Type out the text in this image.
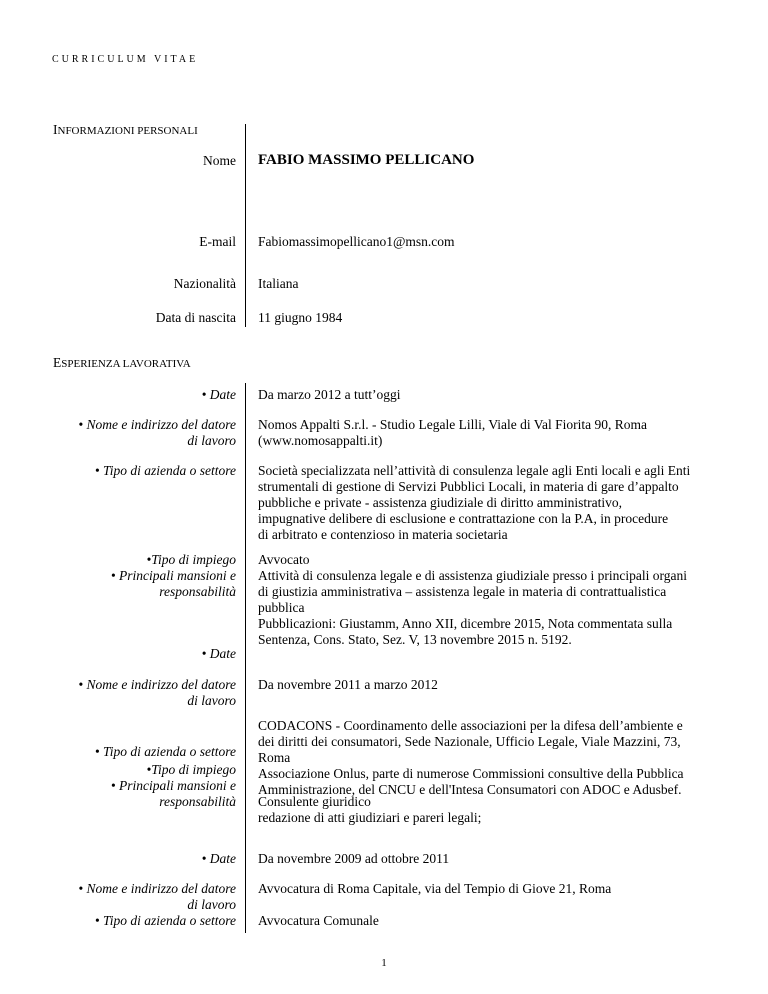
CURRICULUM VITAE
INFORMAZIONI PERSONALI
Nome FABIO MASSIMO PELLICANO
E-mail Fabiomassimopellicano1@msn.com
Nazionalità Italiana
Data di nascita 11 giugno 1984
ESPERIENZA LAVORATIVA
• Date Da marzo 2012 a tutt’oggi
• Nome e indirizzo del datore
di lavoro
Nomos Appalti S.r.l. - Studio Legale Lilli, Viale di Val Fiorita 90, Roma
(www.nomosappalti.it)
• Tipo di azienda o settore Società specializzata nell’attività di consulenza legale agli Enti locali e agli Enti
strumentali di gestione di Servizi Pubblici Locali, in materia di gare d’appalto
pubbliche e private - assistenza giudiziale di diritto amministrativo,
impugnative delibere di esclusione e contrattazione con la P.A, in procedure
di arbitrato e contenzioso in materia societaria
•Tipo di impiego
• Principali mansioni e
responsabilità
Avvocato
Attività di consulenza legale e di assistenza giudiziale presso i principali organi
di giustizia amministrativa – assistenza legale in materia di contrattualistica
pubblica
Pubblicazioni: Giustamm, Anno XII, dicembre 2015, Nota commentata sulla
Sentenza, Cons. Stato, Sez. V, 13 novembre 2015 n. 5192.
• Date
• Nome e indirizzo del datore
di lavoro
Da novembre 2011 a marzo 2012
• Tipo di azienda o settore
CODACONS - Coordinamento delle associazioni per la difesa dell’ambiente e
dei diritti dei consumatori, Sede Nazionale, Ufficio Legale, Viale Mazzini, 73,
Roma
Associazione Onlus, parte di numerose Commissioni consultive della Pubblica
Amministrazione, del CNCU e dell'Intesa Consumatori con ADOC e Adusbef.
•Tipo di impiego
• Principali mansioni e
responsabilità Consulente giuridico
redazione di atti giudiziari e pareri legali;
• Date Da novembre 2009 ad ottobre 2011
• Nome e indirizzo del datore
di lavoro
Avvocatura di Roma Capitale, via del Tempio di Giove 21, Roma
• Tipo di azienda o settore Avvocatura Comunale
1
